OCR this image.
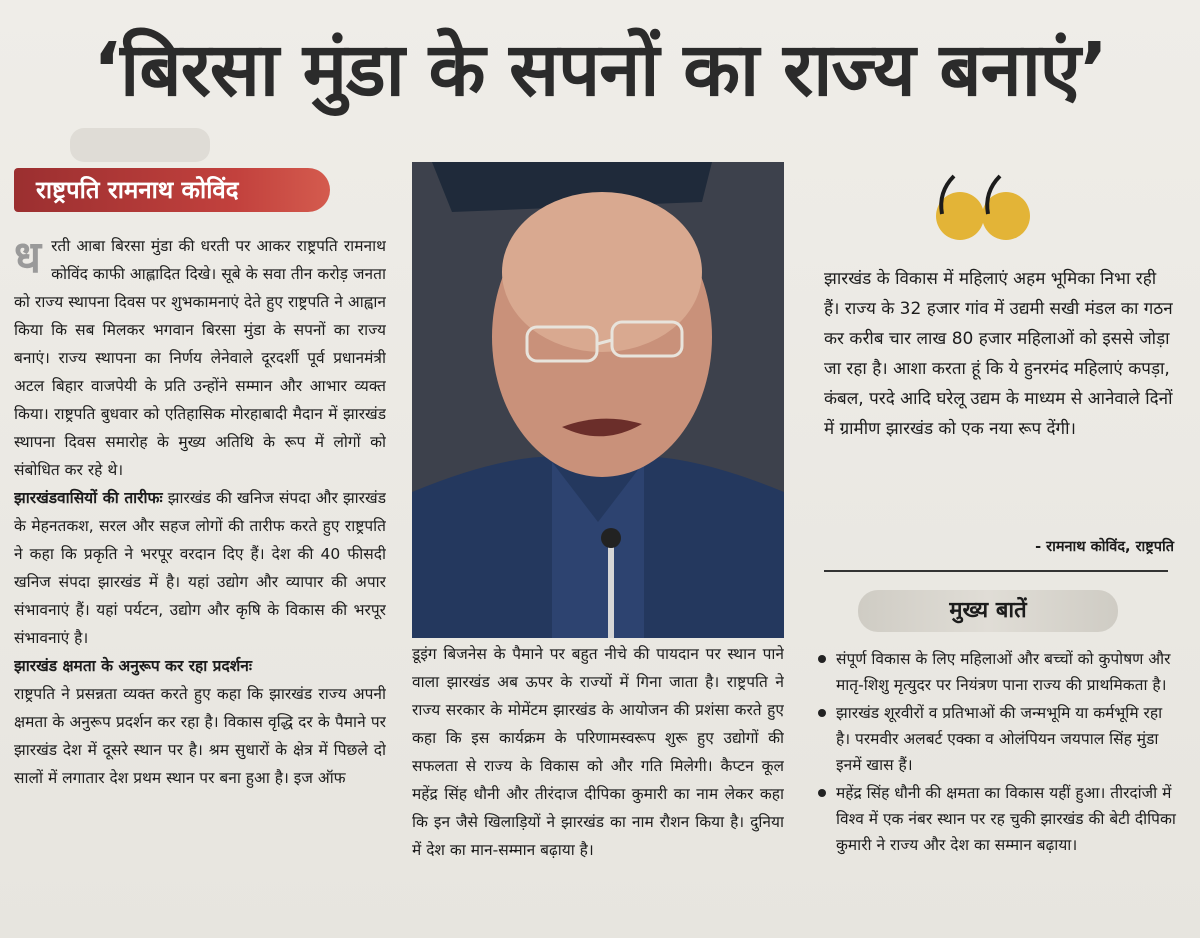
‘बिरसा मुंडा के सपनों का राज्य बनाएं’
राष्ट्रपति रामनाथ कोविंद
ध रती आबा बिरसा मुंडा की धरती पर आकर राष्ट्रपति रामनाथ कोविंद काफी आह्लादित दिखे। सूबे के सवा तीन करोड़ जनता को राज्य स्थापना दिवस पर शुभकामनाएं देते हुए राष्ट्रपति ने आह्वान किया कि सब मिलकर भगवान बिरसा मुंडा के सपनों का राज्य बनाएं। राज्य स्थापना का निर्णय लेनेवाले दूरदर्शी पूर्व प्रधानमंत्री अटल बिहार वाजपेयी के प्रति उन्होंने सम्मान और आभार व्यक्त किया। राष्ट्रपति बुधवार को एतिहासिक मोरहाबादी मैदान में झारखंड स्थापना दिवस समारोह के मुख्य अतिथि के रूप में लोगों को संबोधित कर रहे थे।

झारखंडवासियों की तारीफः झारखंड की खनिज संपदा और झारखंड के मेहनतकश, सरल और सहज लोगों की तारीफ करते हुए राष्ट्रपति ने कहा कि प्रकृति ने भरपूर वरदान दिए हैं। देश की 40 फीसदी खनिज संपदा झारखंड में है। यहां उद्योग और व्यापार की अपार संभावनाएं हैं। यहां पर्यटन, उद्योग और कृषि के विकास की भरपूर संभावनाएं है।

झारखंड क्षमता के अनुरूप कर रहा प्रदर्शनः

राष्ट्रपति ने प्रसन्नता व्यक्त करते हुए कहा कि झारखंड राज्य अपनी क्षमता के अनुरूप प्रदर्शन कर रहा है। विकास वृद्धि दर के पैमाने पर झारखंड देश में दूसरे स्थान पर है। श्रम सुधारों के क्षेत्र में पिछले दो सालों में लगातार देश प्रथम स्थान पर बना हुआ है। इज ऑफ

डूइंग बिजनेस के पैमाने पर बहुत नीचे की पायदान पर स्थान पाने वाला झारखंड अब ऊपर के राज्यों में गिना जाता है। राष्ट्रपति ने राज्य सरकार के मोमेंटम झारखंड के आयोजन की प्रशंसा करते हुए कहा कि इस कार्यक्रम के परिणामस्वरूप शुरू हुए उद्योगों की सफलता से राज्य के विकास को और गति मिलेगी। कैप्टन कूल महेंद्र सिंह धौनी और तीरंदाज दीपिका कुमारी का नाम लेकर कहा कि इन जैसे खिलाड़ियों ने झारखंड का नाम रौशन किया है। दुनिया में देश का मान-सम्मान बढ़ाया है।

झारखंड के विकास में महिलाएं अहम भूमिका निभा रही हैं। राज्य के 32 हजार गांव में उद्यमी सखी मंडल का गठन कर करीब चार लाख 80 हजार महिलाओं को इससे जोड़ा जा रहा है। आशा करता हूं कि ये हुनरमंद महिलाएं कपड़ा, कंबल, परदे आदि घरेलू उद्यम के माध्यम से आनेवाले दिनों में ग्रामीण झारखंड को एक नया रूप देंगी।

- रामनाथ कोविंद, राष्ट्रपति
मुख्य बातें
संपूर्ण विकास के लिए महिलाओं और बच्चों को कुपोषण और मातृ-शिशु मृत्युदर पर नियंत्रण पाना राज्य की प्राथमिकता है।
झारखंड शूरवीरों व प्रतिभाओं की जन्मभूमि या कर्मभूमि रहा है। परमवीर अलबर्ट एक्का व ओलंपियन जयपाल सिंह मुंडा इनमें खास हैं।
महेंद्र सिंह धौनी की क्षमता का विकास यहीं हुआ। तीरदांजी में विश्व में एक नंबर स्थान पर रह चुकी झारखंड की बेटी दीपिका कुमारी ने राज्य और देश का सम्मान बढ़ाया।
